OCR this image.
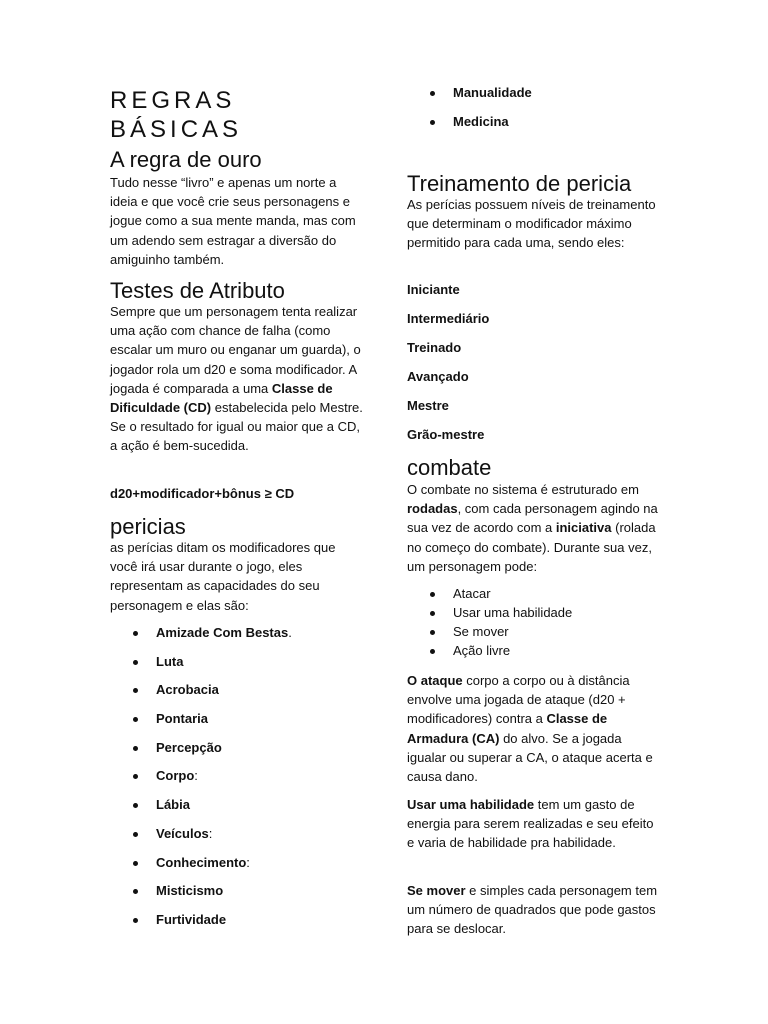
REGRAS BÁSICAS
A regra de ouro

Tudo nesse “livro” e apenas um norte a ideia e que você crie seus personagens e jogue como a sua mente manda, mas com um adendo sem estragar a diversão do amiguinho também.

Testes de Atributo

Sempre que um personagem tenta realizar uma ação com chance de falha (como escalar um muro ou enganar um guarda), o jogador rola um d20 e soma modificador. A jogada é comparada a uma Classe de Dificuldade (CD) estabelecida pelo Mestre. Se o resultado for igual ou maior que a CD, a ação é bem-sucedida.

d20+modificador+bônus ≥ CD

pericias

as perícias ditam os modificadores que você irá usar durante o jogo, eles representam as capacidades do seu personagem e elas são:

Amizade Com Bestas.
Luta
Acrobacia
Pontaria
Percepção
Corpo:
Lábia
Veículos:
Conhecimento:
Misticismo
Furtividade
Manualidade
Medicina
Treinamento de pericia

As perícias possuem níveis de treinamento que determinam o modificador máximo permitido para cada uma, sendo eles:

Iniciante
Intermediário
Treinado
Avançado
Mestre
Grão-mestre
combate

O combate no sistema é estruturado em rodadas, com cada personagem agindo na sua vez de acordo com a iniciativa (rolada no começo do combate). Durante sua vez, um personagem pode:

Atacar
Usar uma habilidade
Se mover
Ação livre

O ataque corpo a corpo ou à distância envolve uma jogada de ataque (d20 + modificadores) contra a Classe de Armadura (CA) do alvo. Se a jogada igualar ou superar a CA, o ataque acerta e causa dano.

Usar uma habilidade tem um gasto de energia para serem realizadas e seu efeito e varia de habilidade pra habilidade.

Se mover e simples cada personagem tem um número de quadrados que pode gastos para se deslocar.
